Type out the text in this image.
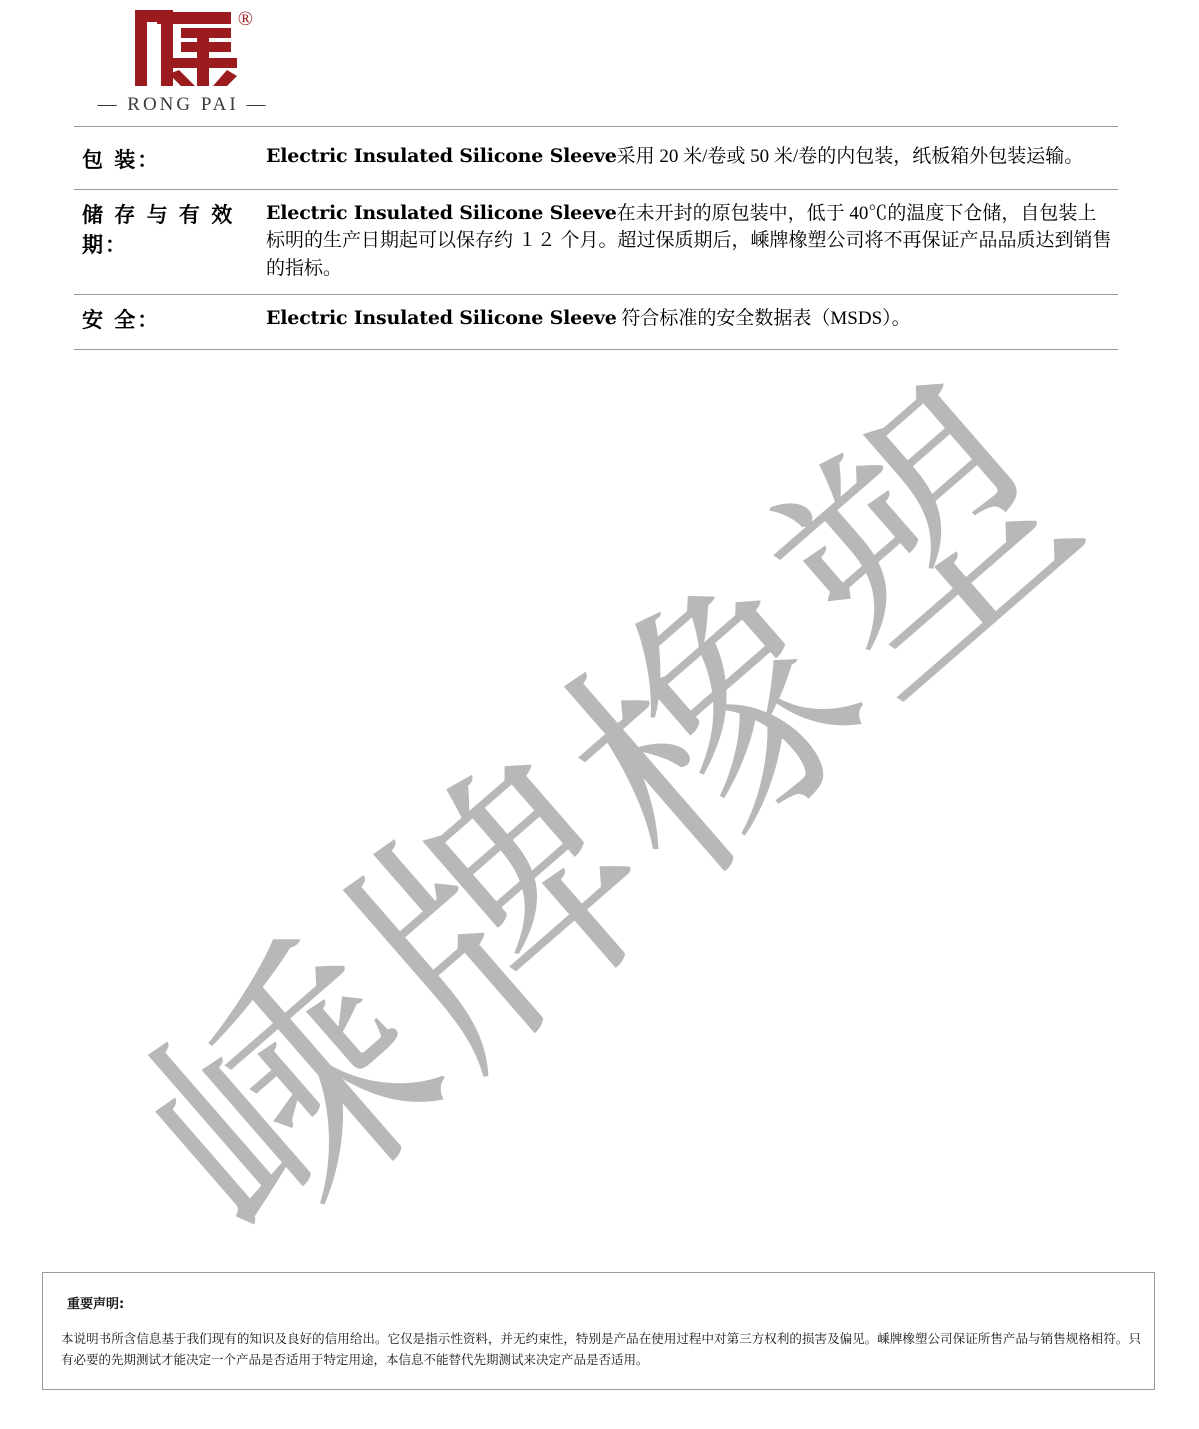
嵊牌橡塑
®
— RONG PAI —
包 装：	Electric Insulated Silicone Sleeve采用 20 米/卷或 50 米/卷的内包装，纸板箱外包装运输。
储 存 与 有 效 期：
Electric Insulated Silicone Sleeve在未开封的原包装中，低于 40℃的温度下仓储，自包装上标明的生产日期起可以保存约 １２ 个月。超过保质期后，嵊牌橡塑公司将不再保证产品品质达到销售的指标。
安 全：	Electric Insulated Silicone Sleeve 符合标准的安全数据表（MSDS）。
重要声明:
本说明书所含信息基于我们现有的知识及良好的信用给出。它仅是指示性资料，并无约束性，特别是产品在使用过程中对第三方权利的损害及偏见。嵊牌橡塑公司保证所售产品与销售规格相符。只有必要的先期测试才能决定一个产品是否适用于特定用途，本信息不能替代先期测试来决定产品是否适用。
